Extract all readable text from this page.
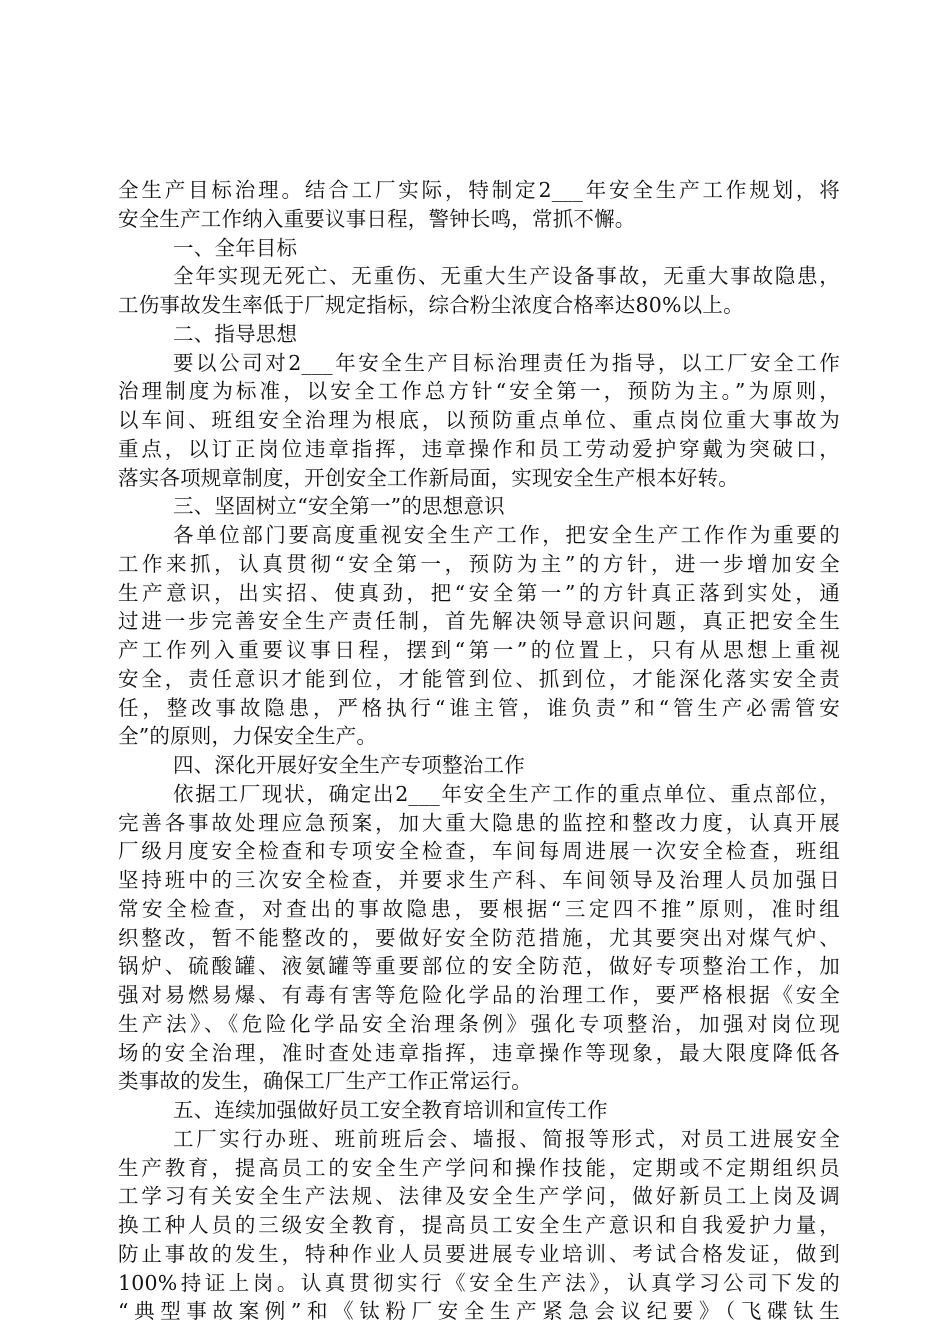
全生产目标治理。结合工厂实际，特制定2___年安全生产工作规划，将
安全生产工作纳入重要议事日程，警钟长鸣，常抓不懈。
一、全年目标
全年实现无死亡、无重伤、无重大生产设备事故，无重大事故隐患，
工伤事故发生率低于厂规定指标，综合粉尘浓度合格率达80%以上。
二、指导思想
要以公司对2___年安全生产目标治理责任为指导，以工厂安全工作
治理制度为标准，以安全工作总方针“安全第一，预防为主。”为原则，
以车间、班组安全治理为根底，以预防重点单位、重点岗位重大事故为
重点，以订正岗位违章指挥，违章操作和员工劳动爱护穿戴为突破口，
落实各项规章制度，开创安全工作新局面，实现安全生产根本好转。
三、坚固树立“安全第一”的思想意识
各单位部门要高度重视安全生产工作，把安全生产工作作为重要的
工作来抓，认真贯彻“安全第一，预防为主”的方针，进一步增加安全
生产意识，出实招、使真劲，把“安全第一”的方针真正落到实处，通
过进一步完善安全生产责任制，首先解决领导意识问题，真正把安全生
产工作列入重要议事日程，摆到“第一”的位置上，只有从思想上重视
安全，责任意识才能到位，才能管到位、抓到位，才能深化落实安全责
任，整改事故隐患，严格执行“谁主管，谁负责”和“管生产必需管安
全”的原则，力保安全生产。
四、深化开展好安全生产专项整治工作
依据工厂现状，确定出2___年安全生产工作的重点单位、重点部位，
完善各事故处理应急预案，加大重大隐患的监控和整改力度，认真开展
厂级月度安全检查和专项安全检查，车间每周进展一次安全检查，班组
坚持班中的三次安全检查，并要求生产科、车间领导及治理人员加强日
常安全检查，对查出的事故隐患，要根据“三定四不推”原则，准时组
织整改，暂不能整改的，要做好安全防范措施，尤其要突出对煤气炉、
锅炉、硫酸罐、液氨罐等重要部位的安全防范，做好专项整治工作，加
强对易燃易爆、有毒有害等危险化学品的治理工作，要严格根据《安全
生产法》、《危险化学品安全治理条例》强化专项整治，加强对岗位现
场的安全治理，准时查处违章指挥，违章操作等现象，最大限度降低各
类事故的发生，确保工厂生产工作正常运行。
五、连续加强做好员工安全教育培训和宣传工作
工厂实行办班、班前班后会、墙报、简报等形式，对员工进展安全
生产教育，提高员工的安全生产学问和操作技能，定期或不定期组织员
工学习有关安全生产法规、法律及安全生产学问，做好新员工上岗及调
换工种人员的三级安全教育，提高员工安全生产意识和自我爱护力量，
防止事故的发生，特种作业人员要进展专业培训、考试合格发证，做到
100%持证上岗。认真贯彻实行《安全生产法》，认真学习公司下发的
“典型事故案例”和《钛粉厂安全生产紧急会议纪要》（飞碟钛生
